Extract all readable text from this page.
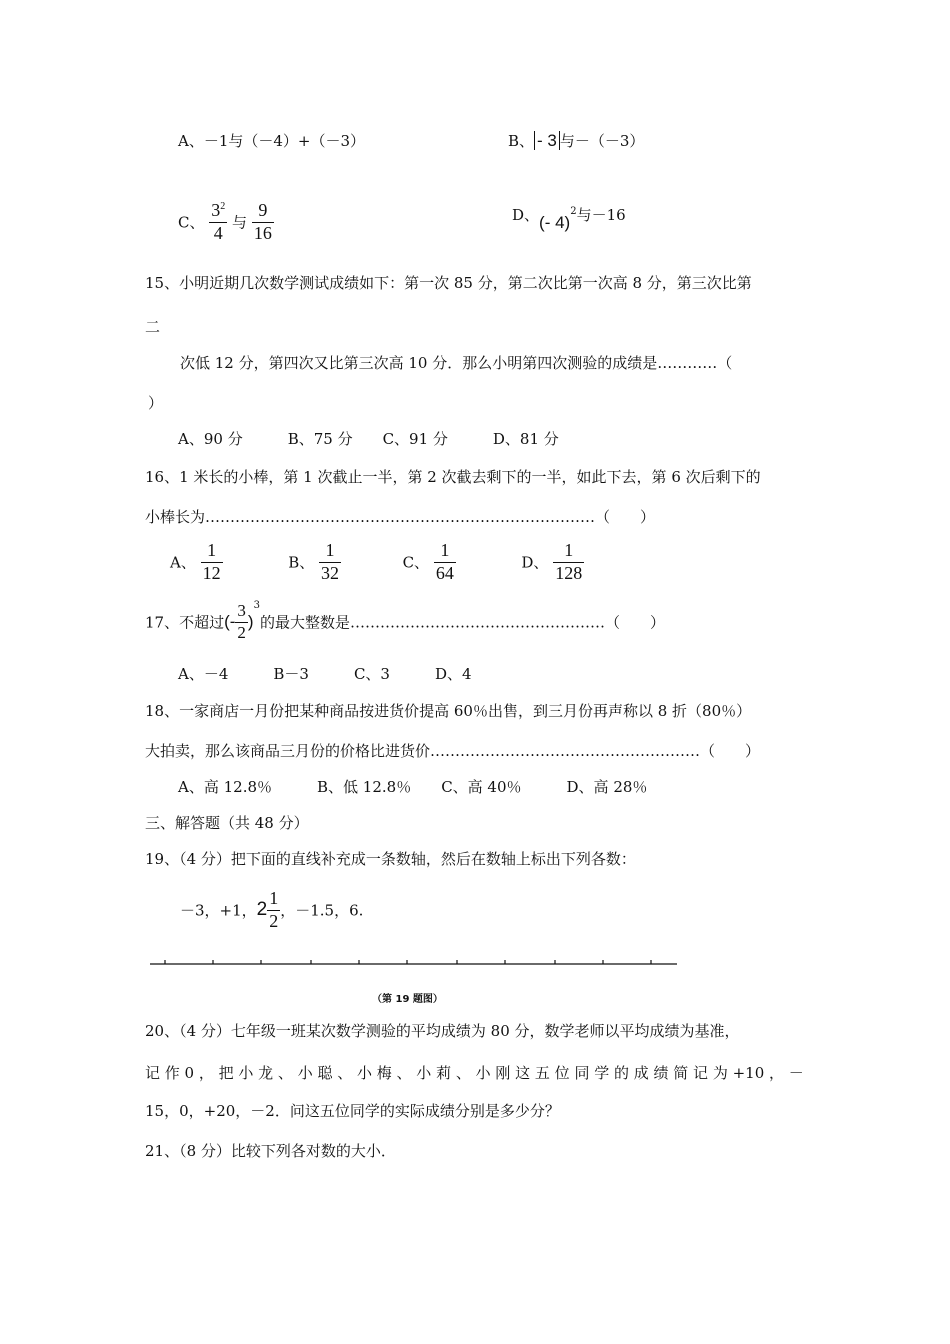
A、－1与（－4）+（－3）	B、 - 3 与－（－3）
C、 $\frac{3^2}{4}$ 与 $\frac{9}{16}$	D、(- 4)$^2$与－16
15、小明近期几次数学测试成绩如下：第一次 85 分，第二次比第一次高 8 分，第三次比第
二
次低 12 分，第四次又比第三次高 10 分．那么小明第四次测验的成绩是…………（
）
A、90 分　　　B、75 分　　C、91 分　　　D、81 分
16、1 米长的小棒，第 1 次截止一半，第 2 次截去剩下的一半，如此下去，第 6 次后剩下的
小棒长为……………………………………………………………………（　　）
A、 $\frac{1}{12}$	B、 $\frac{1}{32}$	C、 $\frac{1}{64}$	D、 $\frac{1}{128}$
17、不超过(- $\frac{3}{2} )^3$的最大整数是……………………………………………（　　）
A、－4　　　B－3　　　C、3　　　D、4
18、一家商店一月份把某种商品按进货价提高 60％出售，到三月份再声称以 8 折（80％）
大拍卖，那么该商品三月份的价格比进货价………………………………………………（　　）
A、高 12.8％　　　B、低 12.8％　　C、高 40％　　　D、高 28％
三、解答题（共 48 分）
19、（4 分）把下面的直线补充成一条数轴，然后在数轴上标出下列各数：
－3，+1，$2 \frac{1}{2}$ ，－1.5，6.
（第 19 题图）
20、（4 分）七年级一班某次数学测验的平均成绩为 80 分，数学老师以平均成绩为基准，
记 作 0 ， 把 小 龙 、 小 聪 、 小 梅 、 小 莉 、 小 刚 这 五 位 同 学 的 成 绩 简 记 为 +10 ， －
15，0，+20，－2．问这五位同学的实际成绩分别是多少分？
21、（8 分）比较下列各对数的大小．
